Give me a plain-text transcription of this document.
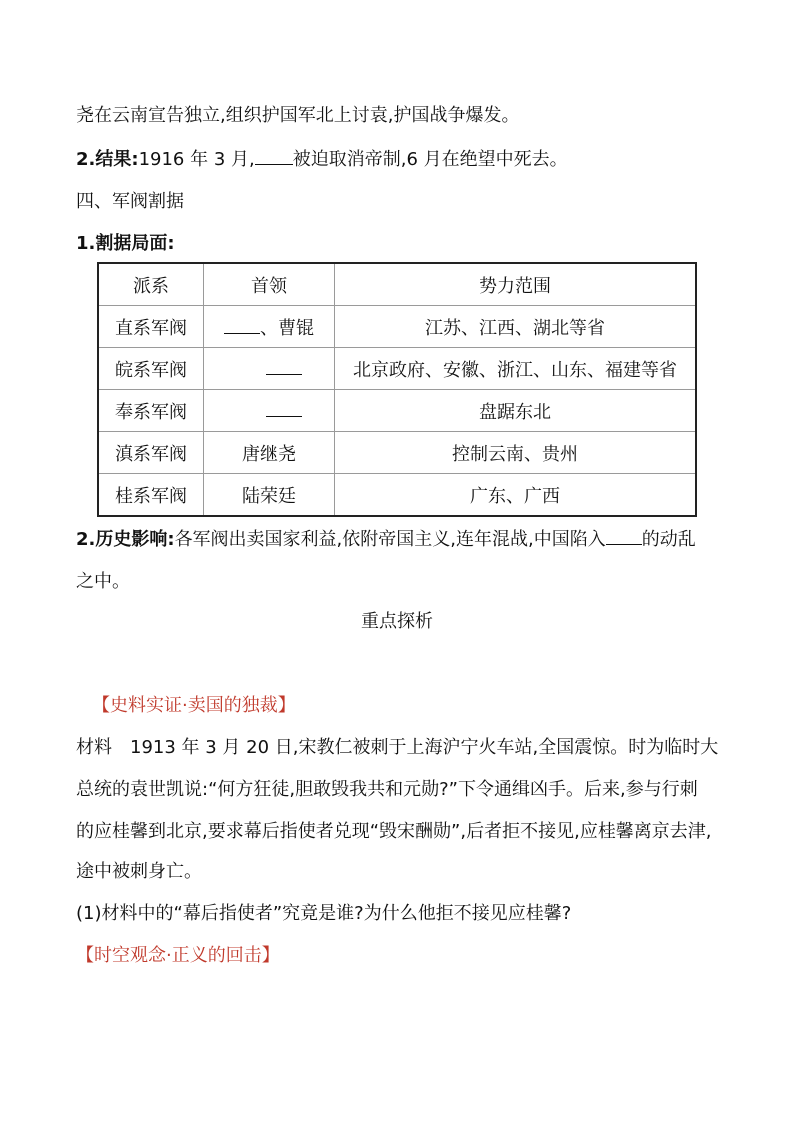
尧在云南宣告独立,组织护国军北上讨袁,护国战争爆发。
2.结果:1916 年 3 月, 被迫取消帝制,6 月在绝望中死去。
四、军阀割据
1.割据局面:
派系	首领	势力范围
直系军阀	、曹锟	江苏、江西、湖北等省
皖系军阀		北京政府、安徽、浙江、山东、福建等省
奉系军阀		盘踞东北
滇系军阀	唐继尧	控制云南、贵州
桂系军阀	陆荣廷	广东、广西
2.历史影响:各军阀出卖国家利益,依附帝国主义,连年混战,中国陷入 的动乱
之中。
重点探析
【史料实证·卖国的独裁】
材料　1913 年 3 月 20 日,宋教仁被刺于上海沪宁火车站,全国震惊。时为临时大
总统的袁世凯说:“何方狂徒,胆敢毁我共和元勋?”下令通缉凶手。后来,参与行刺
的应桂馨到北京,要求幕后指使者兑现“毁宋酬勋”,后者拒不接见,应桂馨离京去津,
途中被刺身亡。
(1)材料中的“幕后指使者”究竟是谁?为什么他拒不接见应桂馨?
【时空观念·正义的回击】
